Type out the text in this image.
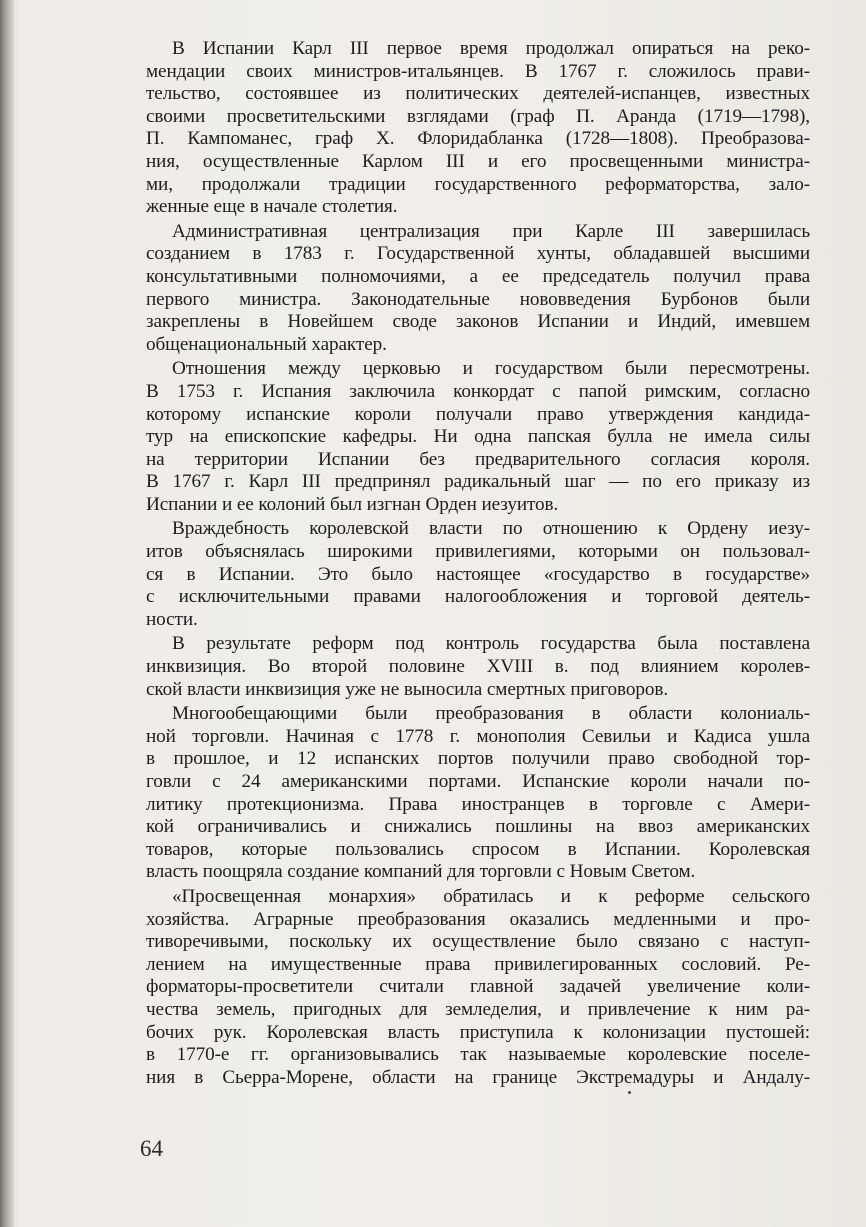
В Испании Карл III первое время продолжал опираться на реко-
мендации своих министров-итальянцев. В 1767 г. сложилось прави-
тельство, состоявшее из политических деятелей-испанцев, известных
своими просветительскими взглядами (граф П. Аранда (1719—1798),
П. Кампоманес, граф Х. Флоридабланка (1728—1808). Преобразова-
ния, осуществленные Карлом III и его просвещенными министра-
ми, продолжали традиции государственного реформаторства, зало-
женные еще в начале столетия.

Административная централизация при Карле III завершилась
созданием в 1783 г. Государственной хунты, обладавшей высшими
консультативными полномочиями, а ее председатель получил права
первого министра. Законодательные нововведения Бурбонов были
закреплены в Новейшем своде законов Испании и Индий, имевшем
общенациональный характер.

Отношения между церковью и государством были пересмотрены.
В 1753 г. Испания заключила конкордат с папой римским, согласно
которому испанские короли получали право утверждения кандида-
тур на епископские кафедры. Ни одна папская булла не имела силы
на территории Испании без предварительного согласия короля.
В 1767 г. Карл III предпринял радикальный шаг — по его приказу из
Испании и ее колоний был изгнан Орден иезуитов.

Враждебность королевской власти по отношению к Ордену иезу-
итов объяснялась широкими привилегиями, которыми он пользовал-
ся в Испании. Это было настоящее «государство в государстве»
с исключительными правами налогообложения и торговой деятель-
ности.

В результате реформ под контроль государства была поставлена
инквизиция. Во второй половине XVIII в. под влиянием королев-
ской власти инквизиция уже не выносила смертных приговоров.

Многообещающими были преобразования в области колониаль-
ной торговли. Начиная с 1778 г. монополия Севильи и Кадиса ушла
в прошлое, и 12 испанских портов получили право свободной тор-
говли с 24 американскими портами. Испанские короли начали по-
литику протекционизма. Права иностранцев в торговле с Амери-
кой ограничивались и снижались пошлины на ввоз американских
товаров, которые пользовались спросом в Испании. Королевская
власть поощряла создание компаний для торговли с Новым Светом.

«Просвещенная монархия» обратилась и к реформе сельского
хозяйства. Аграрные преобразования оказались медленными и про-
тиворечивыми, поскольку их осуществление было связано с наступ-
лением на имущественные права привилегированных сословий. Ре-
форматоры-просветители считали главной задачей увеличение коли-
чества земель, пригодных для земледелия, и привлечение к ним ра-
бочих рук. Королевская власть приступила к колонизации пустошей:
в 1770-е гг. организовывались так называемые королевские поселе-
ния в Сьерра-Морене, области на границе Экстремадуры и Андалу-

64
